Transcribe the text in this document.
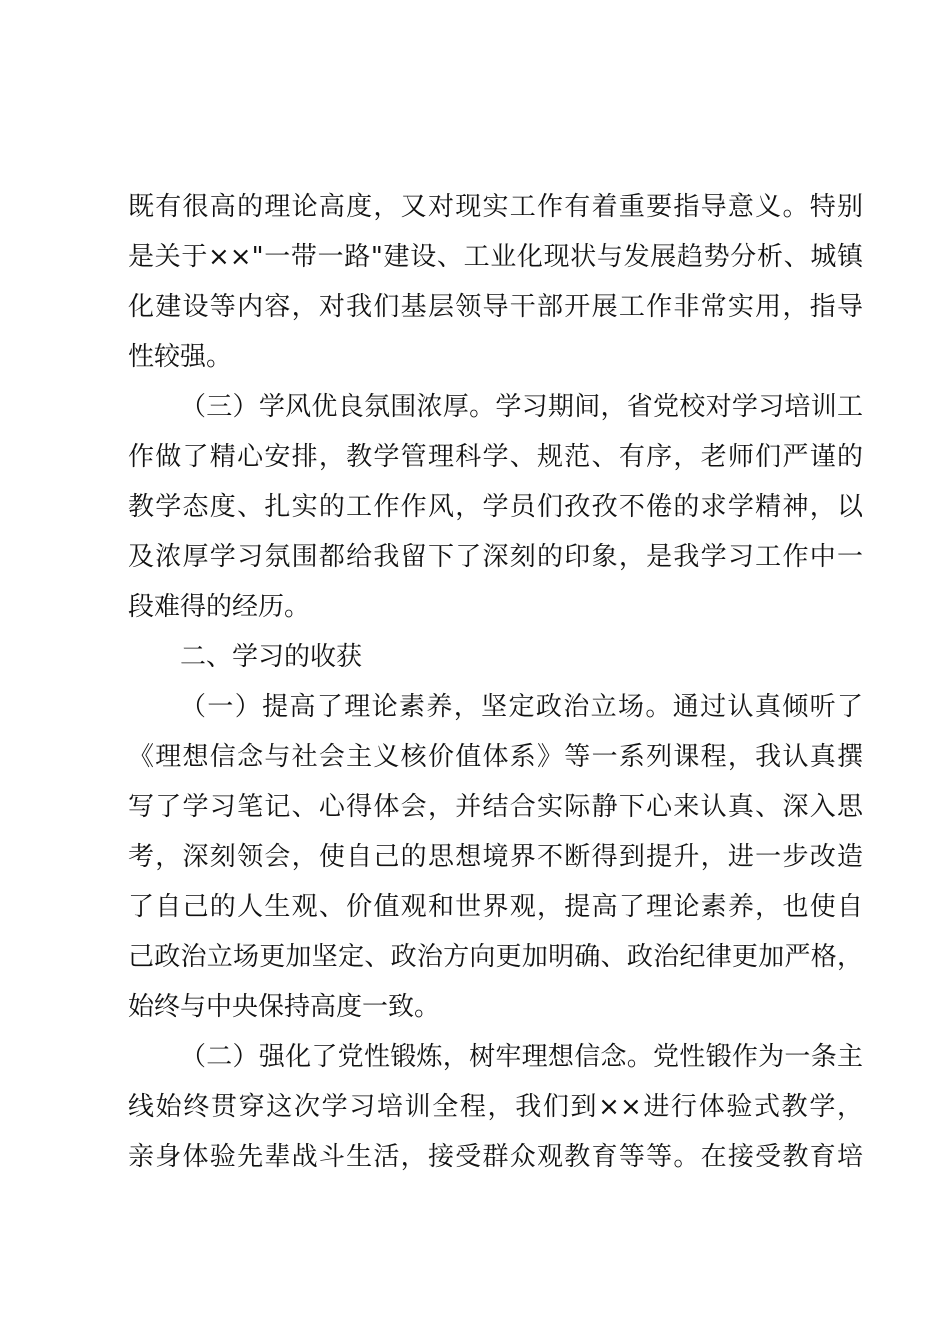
既有很高的理论高度，又对现实工作有着重要指导意义。特别
是关于××"一带一路"建设、工业化现状与发展趋势分析、城镇
化建设等内容，对我们基层领导干部开展工作非常实用，指导
性较强。
（三）学风优良氛围浓厚。学习期间，省党校对学习培训工
作做了精心安排，教学管理科学、规范、有序，老师们严谨的
教学态度、扎实的工作作风，学员们孜孜不倦的求学精神，以
及浓厚学习氛围都给我留下了深刻的印象，是我学习工作中一
段难得的经历。
二、学习的收获
（一）提高了理论素养，坚定政治立场。通过认真倾听了
《理想信念与社会主义核价值体系》等一系列课程，我认真撰
写了学习笔记、心得体会，并结合实际静下心来认真、深入思
考，深刻领会，使自己的思想境界不断得到提升，进一步改造
了自己的人生观、价值观和世界观，提高了理论素养，也使自
己政治立场更加坚定、政治方向更加明确、政治纪律更加严格，
始终与中央保持高度一致。
（二）强化了党性锻炼，树牢理想信念。党性锻作为一条主
线始终贯穿这次学习培训全程，我们到××进行体验式教学，
亲身体验先辈战斗生活，接受群众观教育等等。在接受教育培
